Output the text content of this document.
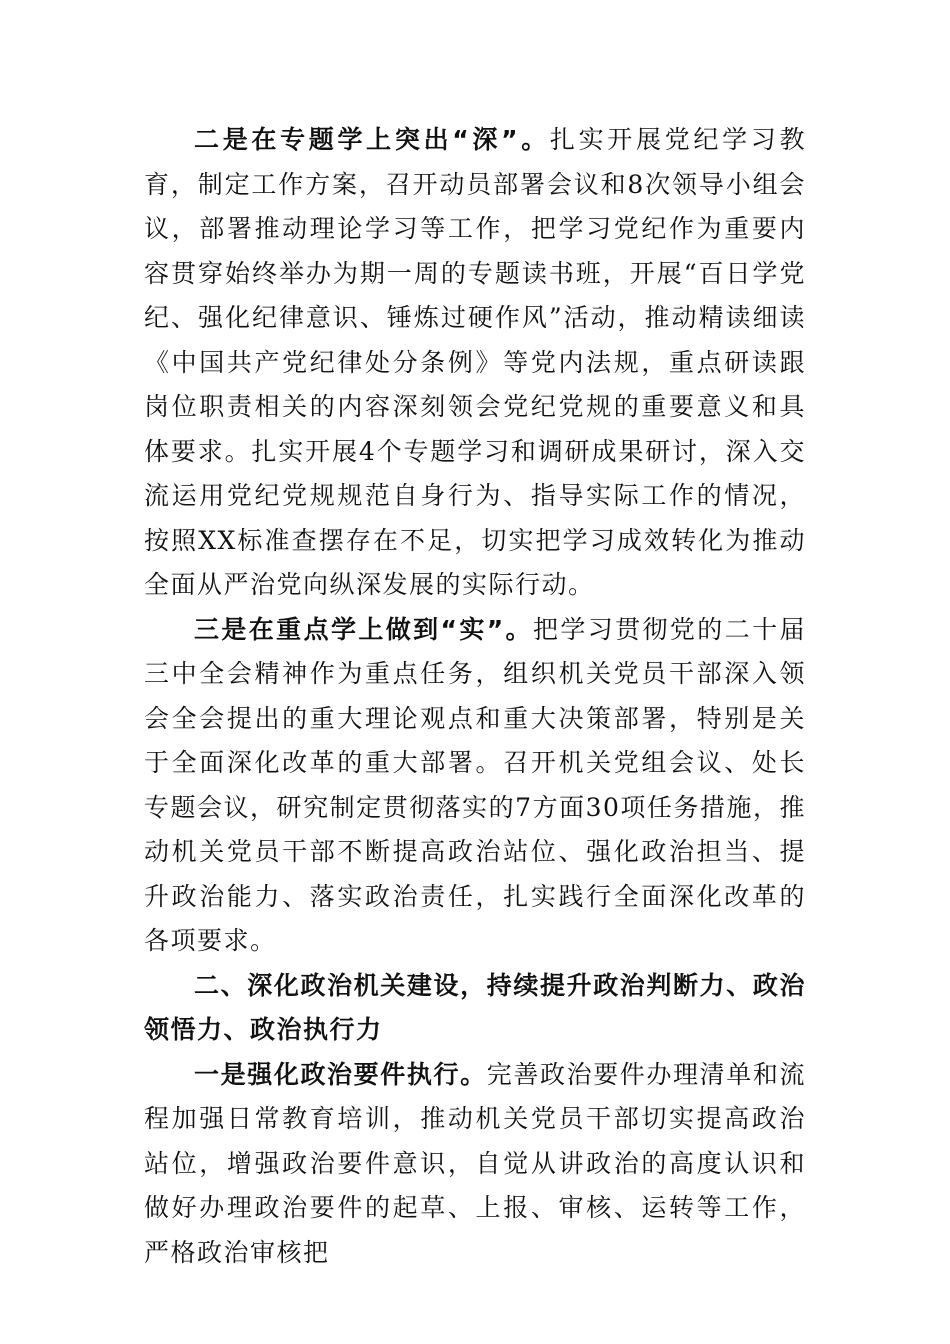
二是在专题学上突出“深”。扎实开展党纪学习教育，制定工作方案，召开动员部署会议和8次领导小组会议，部署推动理论学习等工作，把学习党纪作为重要内容贯穿始终举办为期一周的专题读书班，开展“百日学党纪、强化纪律意识、锤炼过硬作风”活动，推动精读细读《中国共产党纪律处分条例》等党内法规，重点研读跟岗位职责相关的内容深刻领会党纪党规的重要意义和具体要求。扎实开展4个专题学习和调研成果研讨，深入交流运用党纪党规规范自身行为、指导实际工作的情况，按照XX标准查摆存在不足，切实把学习成效转化为推动全面从严治党向纵深发展的实际行动。

三是在重点学上做到“实”。把学习贯彻党的二十届三中全会精神作为重点任务，组织机关党员干部深入领会全会提出的重大理论观点和重大决策部署，特别是关于全面深化改革的重大部署。召开机关党组会议、处长专题会议，研究制定贯彻落实的7方面30项任务措施，推动机关党员干部不断提高政治站位、强化政治担当、提升政治能力、落实政治责任，扎实践行全面深化改革的各项要求。

二、深化政治机关建设，持续提升政治判断力、政治领悟力、政治执行力

一是强化政治要件执行。完善政治要件办理清单和流程加强日常教育培训，推动机关党员干部切实提高政治站位，增强政治要件意识，自觉从讲政治的高度认识和做好办理政治要件的起草、上报、审核、运转等工作，严格政治审核把
